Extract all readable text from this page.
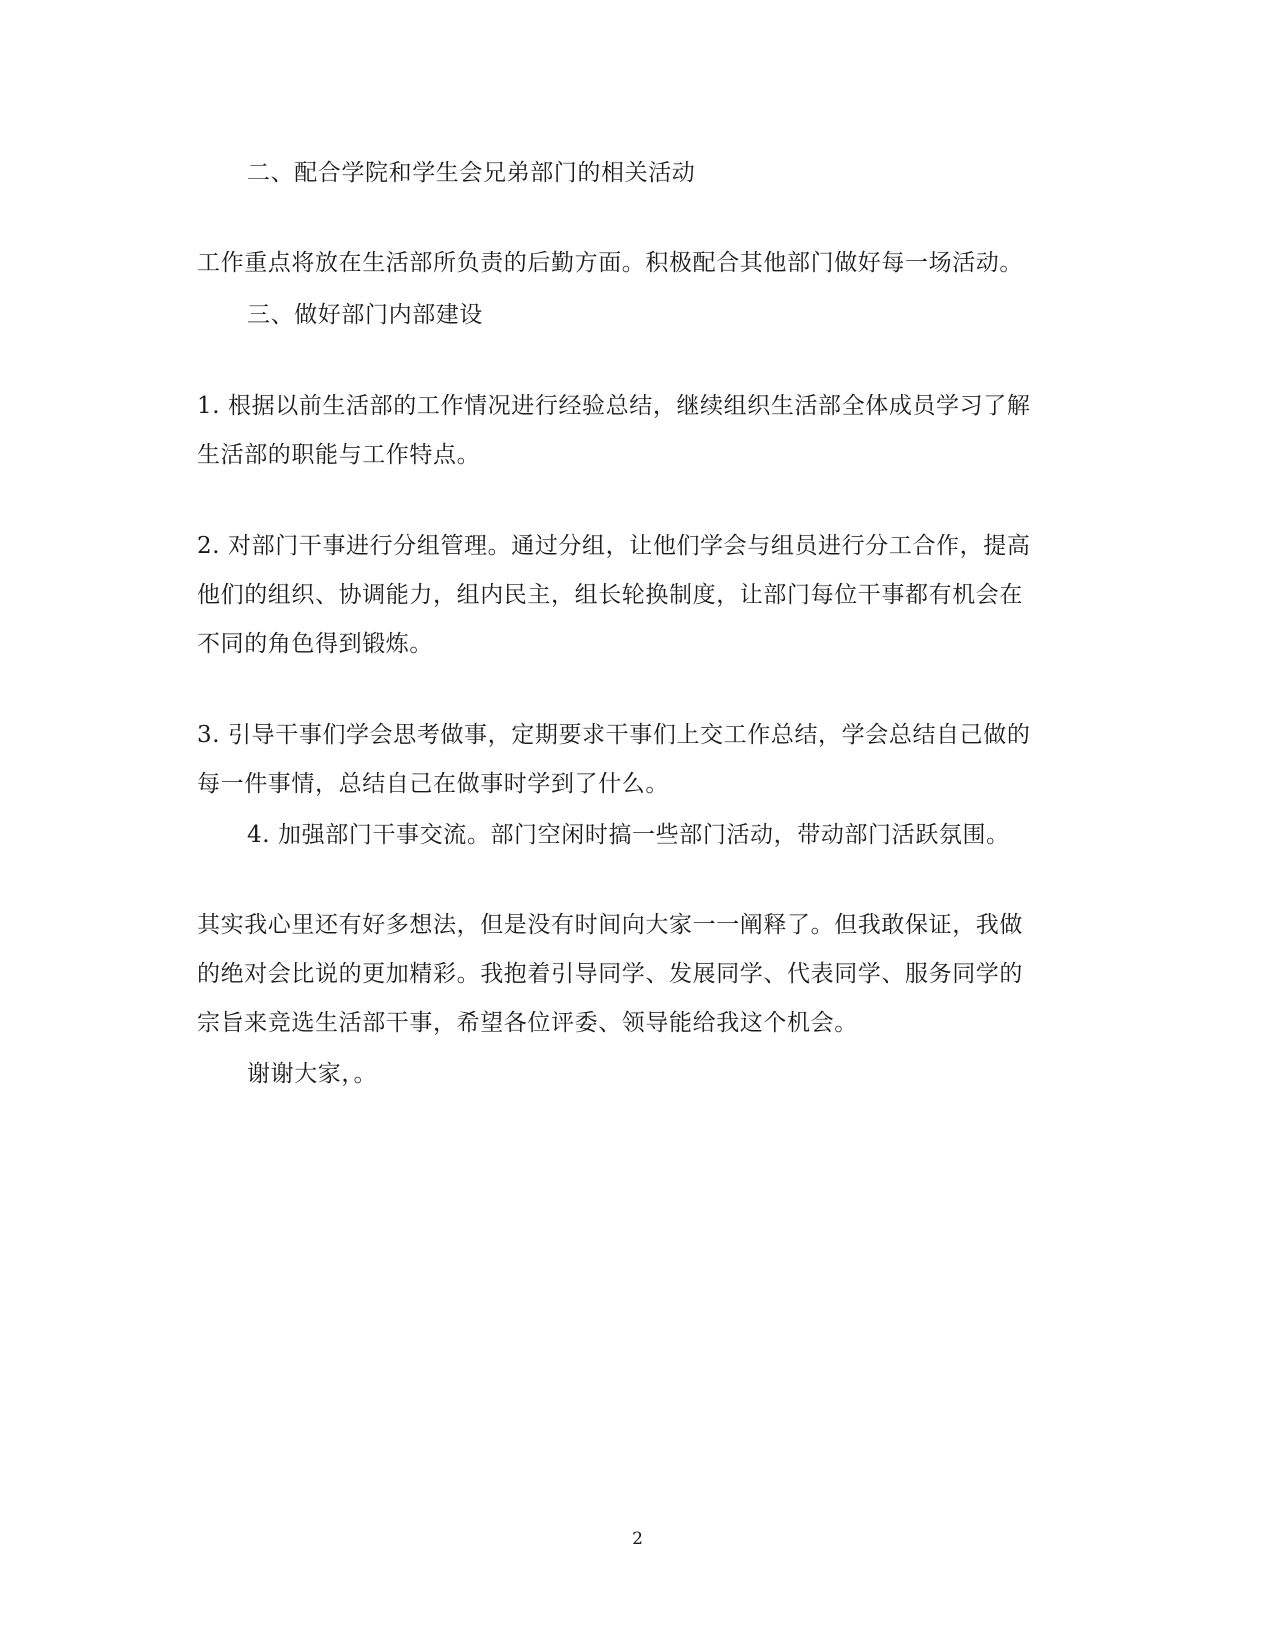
二、配合学院和学生会兄弟部门的相关活动
工作重点将放在生活部所负责的后勤方面。积极配合其他部门做好每一场活动。
三、做好部门内部建设
1. 根据以前生活部的工作情况进行经验总结，继续组织生活部全体成员学习了解
生活部的职能与工作特点。
2. 对部门干事进行分组管理。通过分组，让他们学会与组员进行分工合作，提高
他们的组织、协调能力，组内民主，组长轮换制度，让部门每位干事都有机会在
不同的角色得到锻炼。
3. 引导干事们学会思考做事，定期要求干事们上交工作总结，学会总结自己做的
每一件事情，总结自己在做事时学到了什么。
4. 加强部门干事交流。部门空闲时搞一些部门活动，带动部门活跃氛围。
其实我心里还有好多想法，但是没有时间向大家一一阐释了。但我敢保证，我做
的绝对会比说的更加精彩。我抱着引导同学、发展同学、代表同学、服务同学的
宗旨来竞选生活部干事，希望各位评委、领导能给我这个机会。
谢谢大家，。
2
